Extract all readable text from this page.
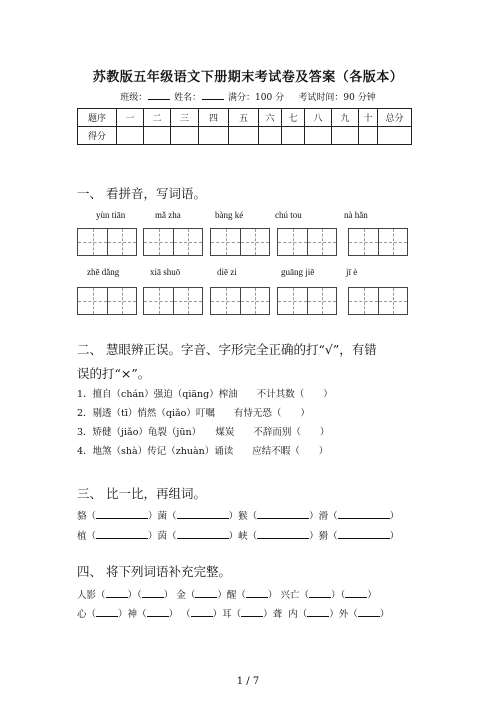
苏教版五年级语文下册期末考试卷及答案（各版本）
班级：	姓名：	满分：100 分 考试时间：90 分钟
题序	一	二	三	四	五	六	七	八	九	十	总分
得分											
一、 看拼音，写词语。
yùn tiān	mǎ zha	bàng ké	chú tou	nà hǎn
zhē dǎng	xiā shuō	diē zi	guāng jiē	jī è
二、 慧眼辨正误。字音、字形完全正确的打“√”，有错
误的打“×”。
1．擅自（chán）强迫（qiāng）榨油　　不计其数（　　）
2．剔透（tī）悄然（qiǎo）叮嘱　　有恃无恐（　　）
3．矫健（jiǎo）龟裂（jūn）　　煤炭　　不辞而别（　　）
4．地煞（shà）传记（zhuàn）诵读　　应结不暇（　　）
三、 比一比，再组词。
貉（	）菌（	）猴（	）滑（	）
植（	）茵（	）峡（	）猾（	）
四、 将下列词语补充完整。
人影（ ）（ ） 金（ ）醒（ ） 兴亡（ ）（ ）
心（ ）神（ ） （ ）耳（ ）聋 内（ ）外（ ）
1 / 7
